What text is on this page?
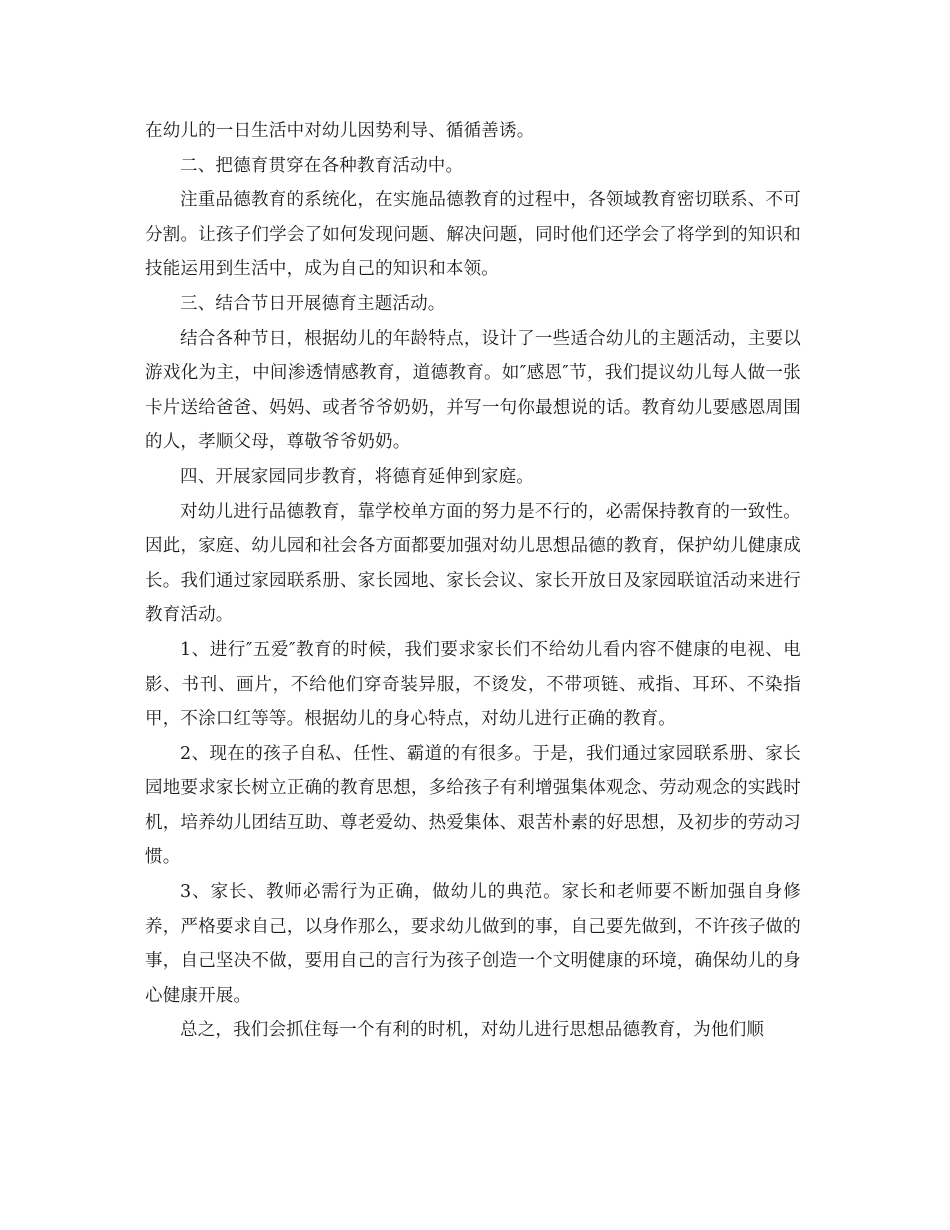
在幼儿的一日生活中对幼儿因势利导、循循善诱。

二、把德育贯穿在各种教育活动中。

注重品德教育的系统化，在实施品德教育的过程中，各领域教育密切联系、不可分割。让孩子们学会了如何发现问题、解决问题，同时他们还学会了将学到的知识和技能运用到生活中，成为自己的知识和本领。

三、结合节日开展德育主题活动。

结合各种节日，根据幼儿的年龄特点，设计了一些适合幼儿的主题活动，主要以游戏化为主，中间渗透情感教育，道德教育。如″感恩″节，我们提议幼儿每人做一张卡片送给爸爸、妈妈、或者爷爷奶奶，并写一句你最想说的话。教育幼儿要感恩周围的人，孝顺父母，尊敬爷爷奶奶。

四、开展家园同步教育，将德育延伸到家庭。

对幼儿进行品德教育，靠学校单方面的努力是不行的，必需保持教育的一致性。因此，家庭、幼儿园和社会各方面都要加强对幼儿思想品德的教育，保护幼儿健康成长。我们通过家园联系册、家长园地、家长会议、家长开放日及家园联谊活动来进行教育活动。

1、进行″五爱″教育的时候，我们要求家长们不给幼儿看内容不健康的电视、电影、书刊、画片，不给他们穿奇装异服，不烫发，不带项链、戒指、耳环、不染指甲，不涂口红等等。根据幼儿的身心特点，对幼儿进行正确的教育。

2、现在的孩子自私、任性、霸道的有很多。于是，我们通过家园联系册、家长园地要求家长树立正确的教育思想，多给孩子有利增强集体观念、劳动观念的实践时机，培养幼儿团结互助、尊老爱幼、热爱集体、艰苦朴素的好思想，及初步的劳动习惯。

3、家长、教师必需行为正确，做幼儿的典范。家长和老师要不断加强自身修养，严格要求自己，以身作那么，要求幼儿做到的事，自己要先做到，不许孩子做的事，自己坚决不做，要用自己的言行为孩子创造一个文明健康的环境，确保幼儿的身心健康开展。

总之，我们会抓住每一个有利的时机，对幼儿进行思想品德教育，为他们顺
